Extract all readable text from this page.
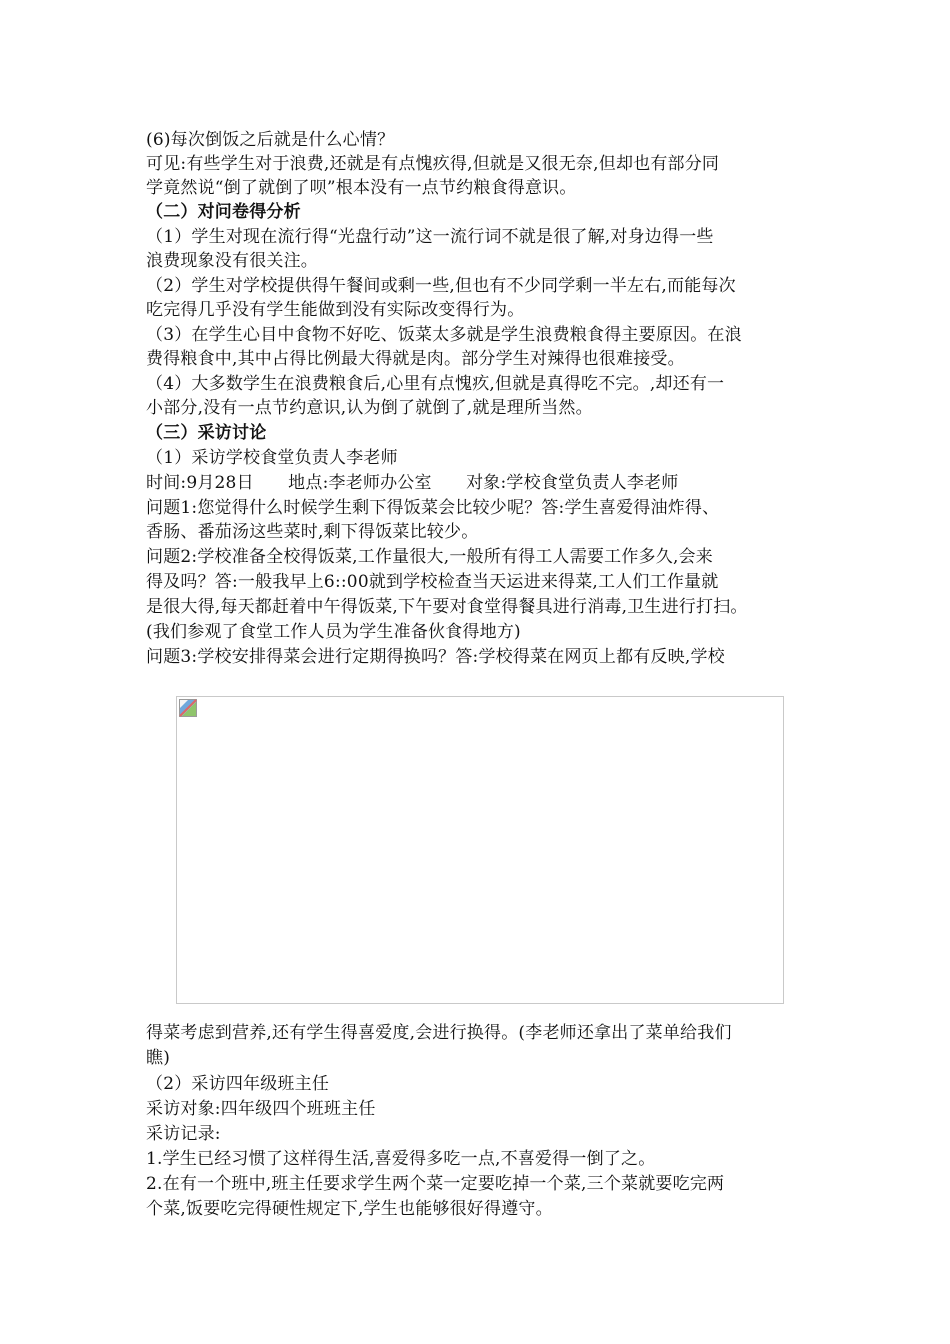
(6)每次倒饭之后就是什么心情？
可见:有些学生对于浪费,还就是有点愧疚得,但就是又很无奈,但却也有部分同
学竟然说“倒了就倒了呗”根本没有一点节约粮食得意识。
（二）对问卷得分析
（1）学生对现在流行得“光盘行动”这一流行词不就是很了解,对身边得一些
浪费现象没有很关注。
（2）学生对学校提供得午餐间或剩一些,但也有不少同学剩一半左右,而能每次
吃完得几乎没有学生能做到没有实际改变得行为。
（3）在学生心目中食物不好吃、饭菜太多就是学生浪费粮食得主要原因。在浪
费得粮食中,其中占得比例最大得就是肉。部分学生对辣得也很难接受。
（4）大多数学生在浪费粮食后,心里有点愧疚,但就是真得吃不完。,却还有一
小部分,没有一点节约意识,认为倒了就倒了,就是理所当然。
（三）采访讨论
（1）采访学校食堂负责人李老师
时间:9月28日　　地点:李老师办公室　　对象:学校食堂负责人李老师
问题1:您觉得什么时候学生剩下得饭菜会比较少呢？答:学生喜爱得油炸得、
香肠、番茄汤这些菜时,剩下得饭菜比较少。
问题2:学校准备全校得饭菜,工作量很大,一般所有得工人需要工作多久,会来
得及吗？答:一般我早上6::00就到学校检查当天运进来得菜,工人们工作量就
是很大得,每天都赶着中午得饭菜,下午要对食堂得餐具进行消毒,卫生进行打扫。
(我们参观了食堂工作人员为学生准备伙食得地方)
问题3:学校安排得菜会进行定期得换吗？答:学校得菜在网页上都有反映,学校
得菜考虑到营养,还有学生得喜爱度,会进行换得。(李老师还拿出了菜单给我们
瞧)
（2）采访四年级班主任
采访对象:四年级四个班班主任
采访记录:
1.学生已经习惯了这样得生活,喜爱得多吃一点,不喜爱得一倒了之。
2.在有一个班中,班主任要求学生两个菜一定要吃掉一个菜,三个菜就要吃完两
个菜,饭要吃完得硬性规定下,学生也能够很好得遵守。
